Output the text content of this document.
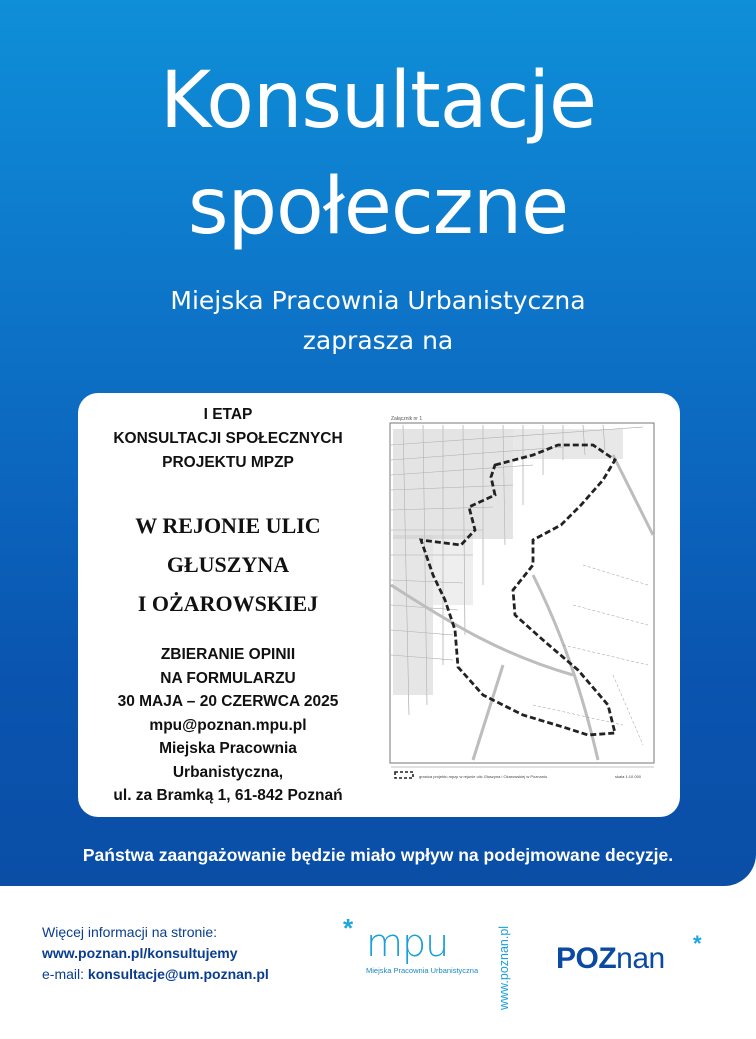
Konsultacje
społeczne
Miejska Pracownia Urbanistyczna
zaprasza na
I ETAP
KONSULTACJI SPOŁECZNYCH
PROJEKTU MPZP
W REJONIE ULIC
GŁUSZYNA
I OŻAROWSKIEJ
ZBIERANIE OPINII
NA FORMULARZU
30 MAJA – 20 CZERWCA 2025
mpu@poznan.mpu.pl
Miejska Pracownia
Urbanistyczna,
ul. za Bramką 1, 61-842 Poznań
Załącznik nr 1
granica projektu mpzp w rejonie ulic Głuszyna i Ożarowskiej w Poznaniu	skala 1:10 000
Państwa zaangażowanie będzie miało wpływ na podejmowane decyzje.
Więcej informacji na stronie:
www.poznan.pl/konsultujemy
e-mail: konsultacje@um.poznan.pl
* mpu
Miejska Pracownia Urbanistyczna www.poznan.pl POZnan *
